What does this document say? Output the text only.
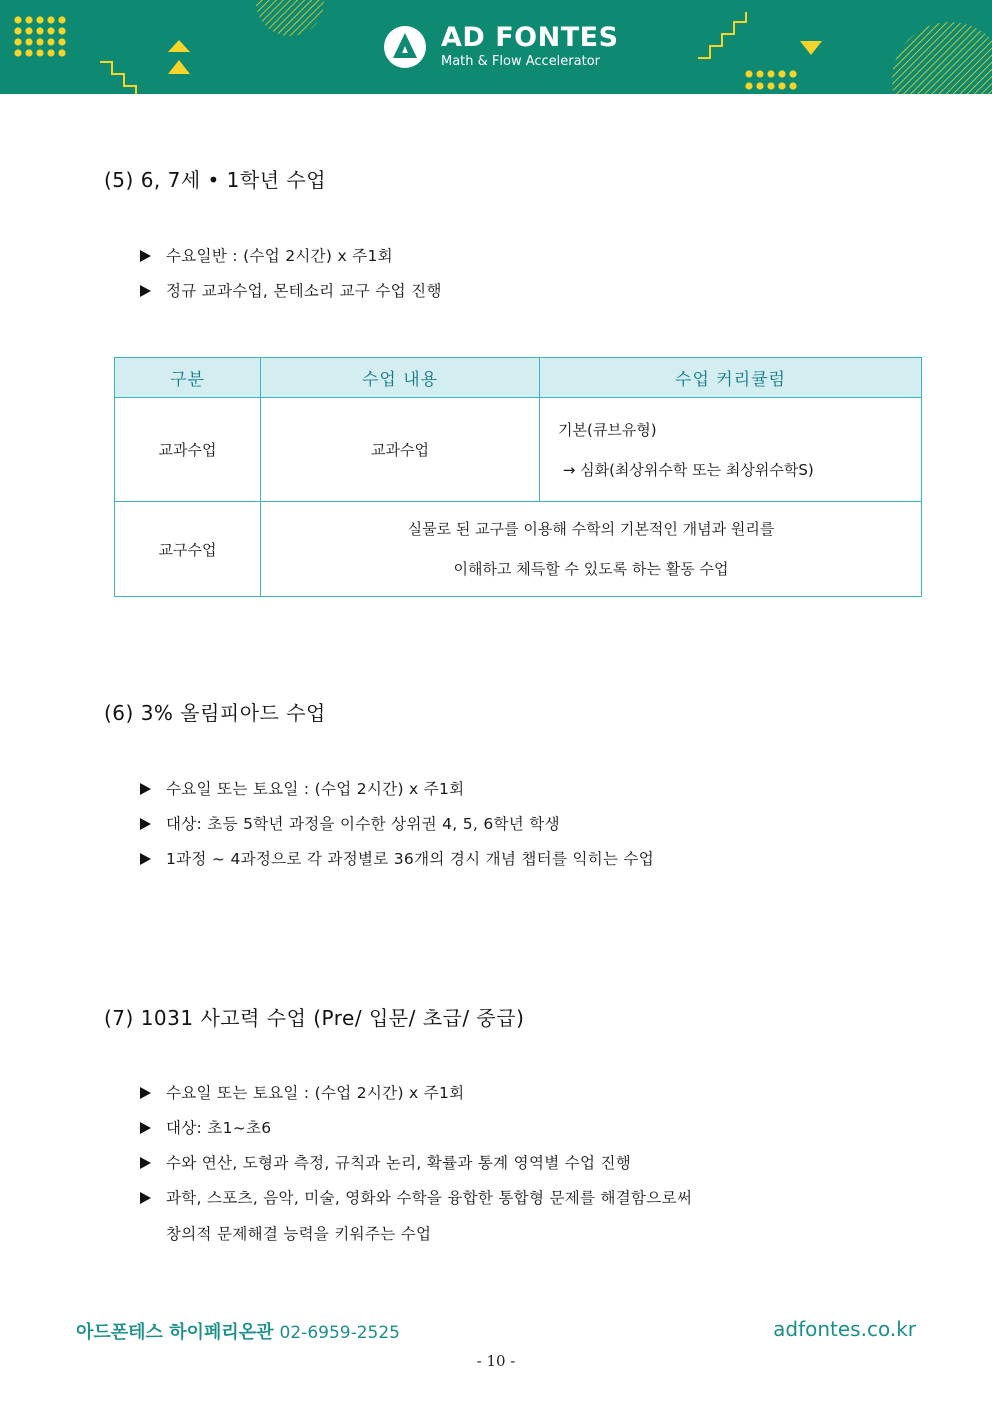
AD FONTES
Math & Flow Accelerator
(5) 6, 7세 • 1학년 수업
수요일반 : (수업 2시간) x 주1회
정규 교과수업, 몬테소리 교구 수업 진행
구분	수업 내용	수업 커리큘럼
교과수업	교과수업	기본(큐브유형)
→ 심화(최상위수학 또는 최상위수학S)

교구수업	실물로 된 교구를 이용해 수학의 기본적인 개념과 원리를
이해하고 체득할 수 있도록 하는 활동 수업	
(6) 3% 올림피아드 수업
수요일 또는 토요일 : (수업 2시간) x 주1회
대상: 초등 5학년 과정을 이수한 상위권 4, 5, 6학년 학생
1과정 ~ 4과정으로 각 과정별로 36개의 경시 개념 챕터를 익히는 수업
(7) 1031 사고력 수업 (Pre/ 입문/ 초급/ 중급)
수요일 또는 토요일 : (수업 2시간) x 주1회
대상: 초1~초6
수와 연산, 도형과 측정, 규칙과 논리, 확률과 통계 영역별 수업 진행
과학, 스포츠, 음악, 미술, 영화와 수학을 융합한 통합형 문제를 해결함으로써
창의적 문제해결 능력을 키워주는 수업
아드폰테스 하이페리온관 02-6959-2525	adfontes.co.kr
- 10 -
